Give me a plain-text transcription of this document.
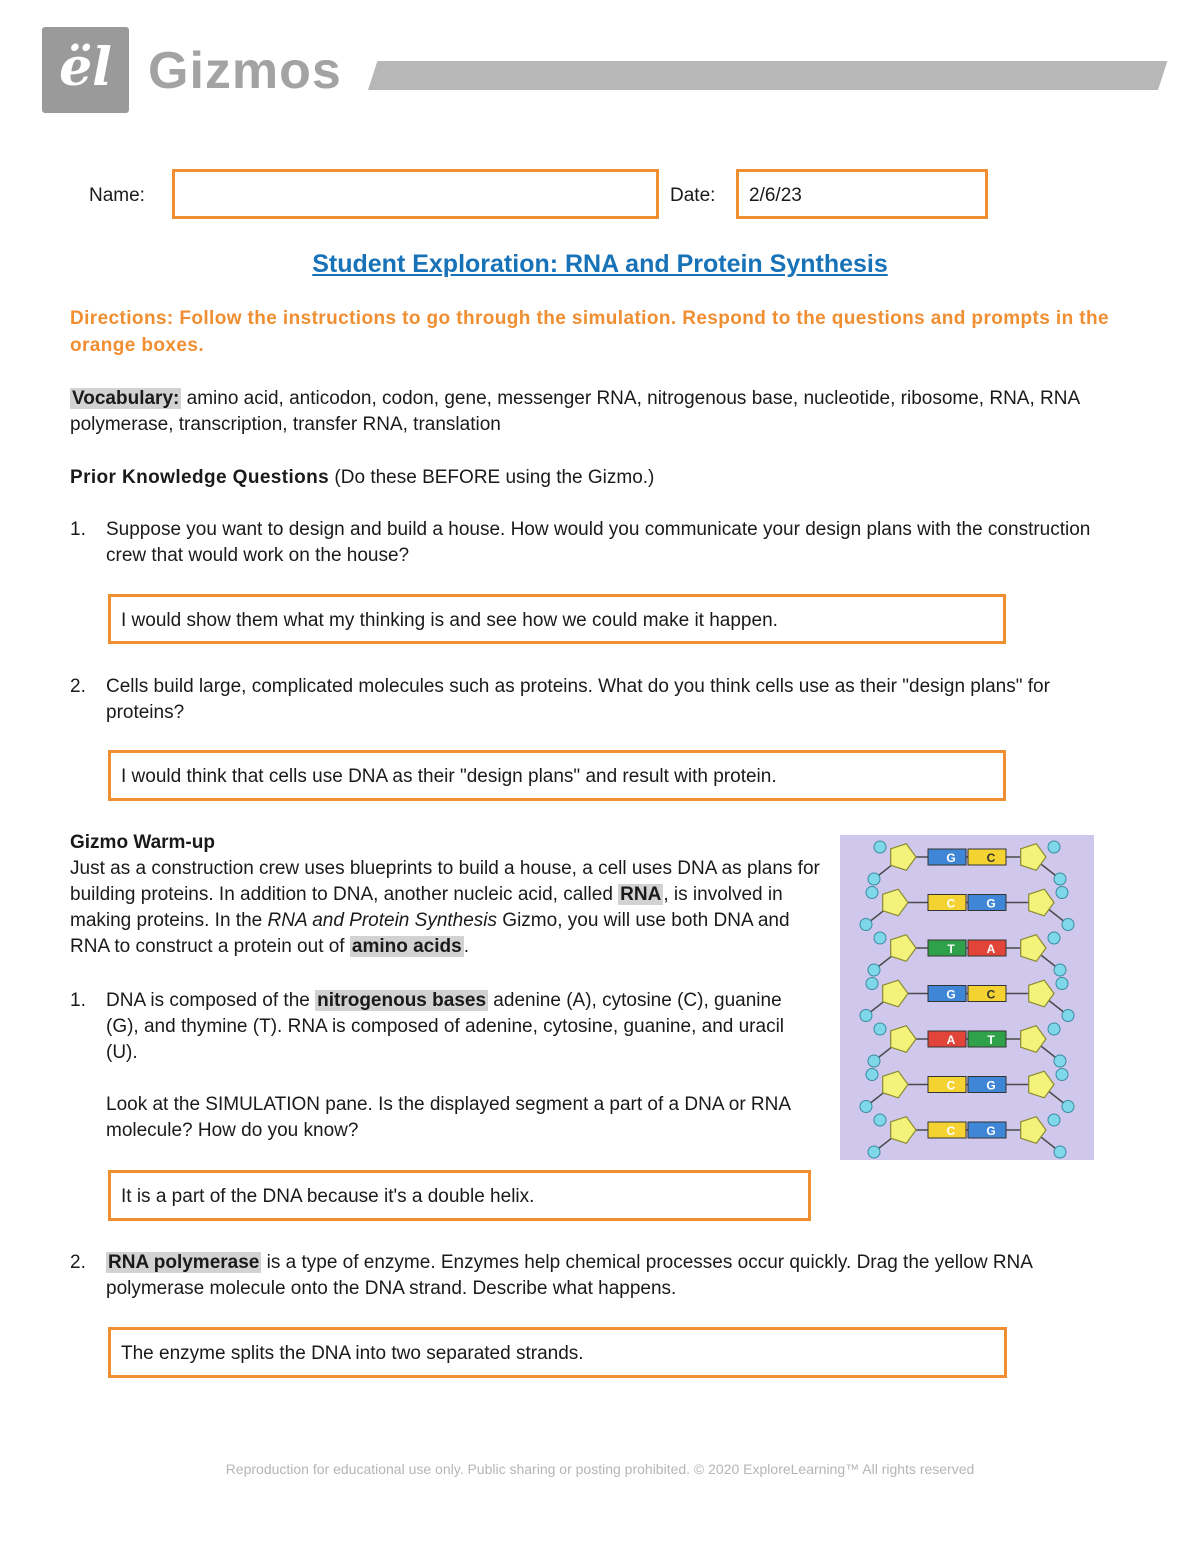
ël Gizmos
Name:	Date:	2/6/23
Student Exploration: RNA and Protein Synthesis
Directions: Follow the instructions to go through the simulation. Respond to the questions and prompts in the orange boxes.
Vocabulary: amino acid, anticodon, codon, gene, messenger RNA, nitrogenous base, nucleotide, ribosome, RNA, RNA polymerase, transcription, transfer RNA, translation
Prior Knowledge Questions (Do these BEFORE using the Gizmo.)
1. Suppose you want to design and build a house. How would you communicate your design plans with the construction crew that would work on the house?
I would show them what my thinking is and see how we could make it happen.
2. Cells build large, complicated molecules such as proteins. What do you think cells use as their "design plans" for proteins?
I would think that cells use DNA as their "design plans" and result with protein.
Gizmo Warm-up
Just as a construction crew uses blueprints to build a house, a cell uses DNA as plans for building proteins. In addition to DNA, another nucleic acid, called RNA , is involved in making proteins. In the RNA and Protein Synthesis Gizmo, you will use both DNA and RNA to construct a protein out of amino acids .
1. DNA is composed of the nitrogenous bases adenine (A), cytosine (C), guanine (G), and thymine (T). RNA is composed of adenine, cytosine, guanine, and uracil (U).
Look at the SIMULATION pane. Is the displayed segment a part of a DNA or RNA molecule? How do you know?
It is a part of the DNA because it's a double helix.
2. RNA polymerase is a type of enzyme. Enzymes help chemical processes occur quickly. Drag the yellow RNA polymerase molecule onto the DNA strand. Describe what happens.
The enzyme splits the DNA into two separated strands.
G	C
C	G
T	A
G	C
A	T
C	G
C	G
Reproduction for educational use only. Public sharing or posting prohibited. © 2020 ExploreLearning™ All rights reserved
